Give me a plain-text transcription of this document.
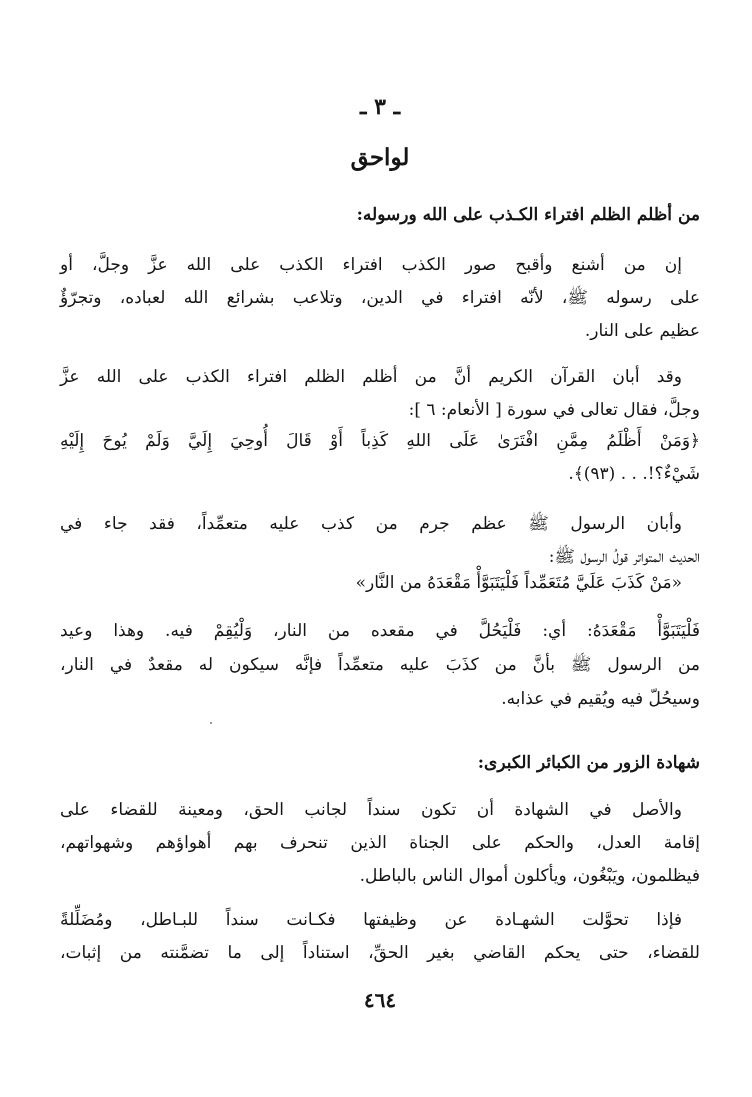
ـ ٣ ـ
لواحق
من أظلم الظلم افتراء الكـذب على الله ورسوله:
إن من أشنع وأقبح صور الكذب افتراء الكذب على الله عزَّ وجلَّ، أو
على رسوله ﷺ، لأنّه افتراء في الدين، وتلاعب بشرائع الله لعباده، وتجرّؤٌ
عظيم على النار.
وقد أبان القرآن الكريم أنَّ من أظلم الظلم افتراء الكذب على الله عزَّ
وجلَّ، فقال تعالى في سورة [ الأنعام: ٦ ]:
﴿وَمَنْ أَظْلَمُ مِمَّنِ افْتَرَىٰ عَلَى اللهِ كَذِباً أَوْ قَالَ أُوحِيَ إِلَيَّ وَلَمْ يُوحَ إِلَيْهِ
شَيْءٌ؟!. . . (٩٣)﴾.
وأبان الرسول ﷺ عظم جرم من كذب عليه متعمِّداً، فقد جاء في
الحديث المتواتر قولُ الرسول ﷺ:
«مَنْ كَذَبَ عَلَيَّ مُتَعَمِّداً فَلْيَتَبَوَّأْ مَقْعَدَهُ من النَّار»
فَلْيَتَبَوَّأْ مَقْعَدَهُ: أي: فَلْيَحُلَّ في مقعده من النار، وَلْيُقِمْ فيه. وهذا وعيد
من الرسول ﷺ بأنَّ من كذَبَ عليه متعمِّداً فإنَّه سيكون له مقعدٌ في النار،
وسيحُلّ فيه ويُقيم في عذابه.
شهادة الزور من الكبائر الكبرى:
والأصل في الشهادة أن تكون سنداً لجانب الحق، ومعينة للقضاء على
إقامة العدل، والحكم على الجناة الذين تنحرف بهم أهواؤهم وشهواتهم،
فيظلمون، ويَبْغُون، ويأكلون أموال الناس بالباطل.
فإذا تحوَّلت الشهـادة عن وظيفتها فكـانت سنداً للبـاطل، ومُضَلِّلةً
للقضاء، حتى يحكم القاضي بغير الحقِّ، استناداً إلى ما تضمَّنته من إثبات،
٤٦٤
